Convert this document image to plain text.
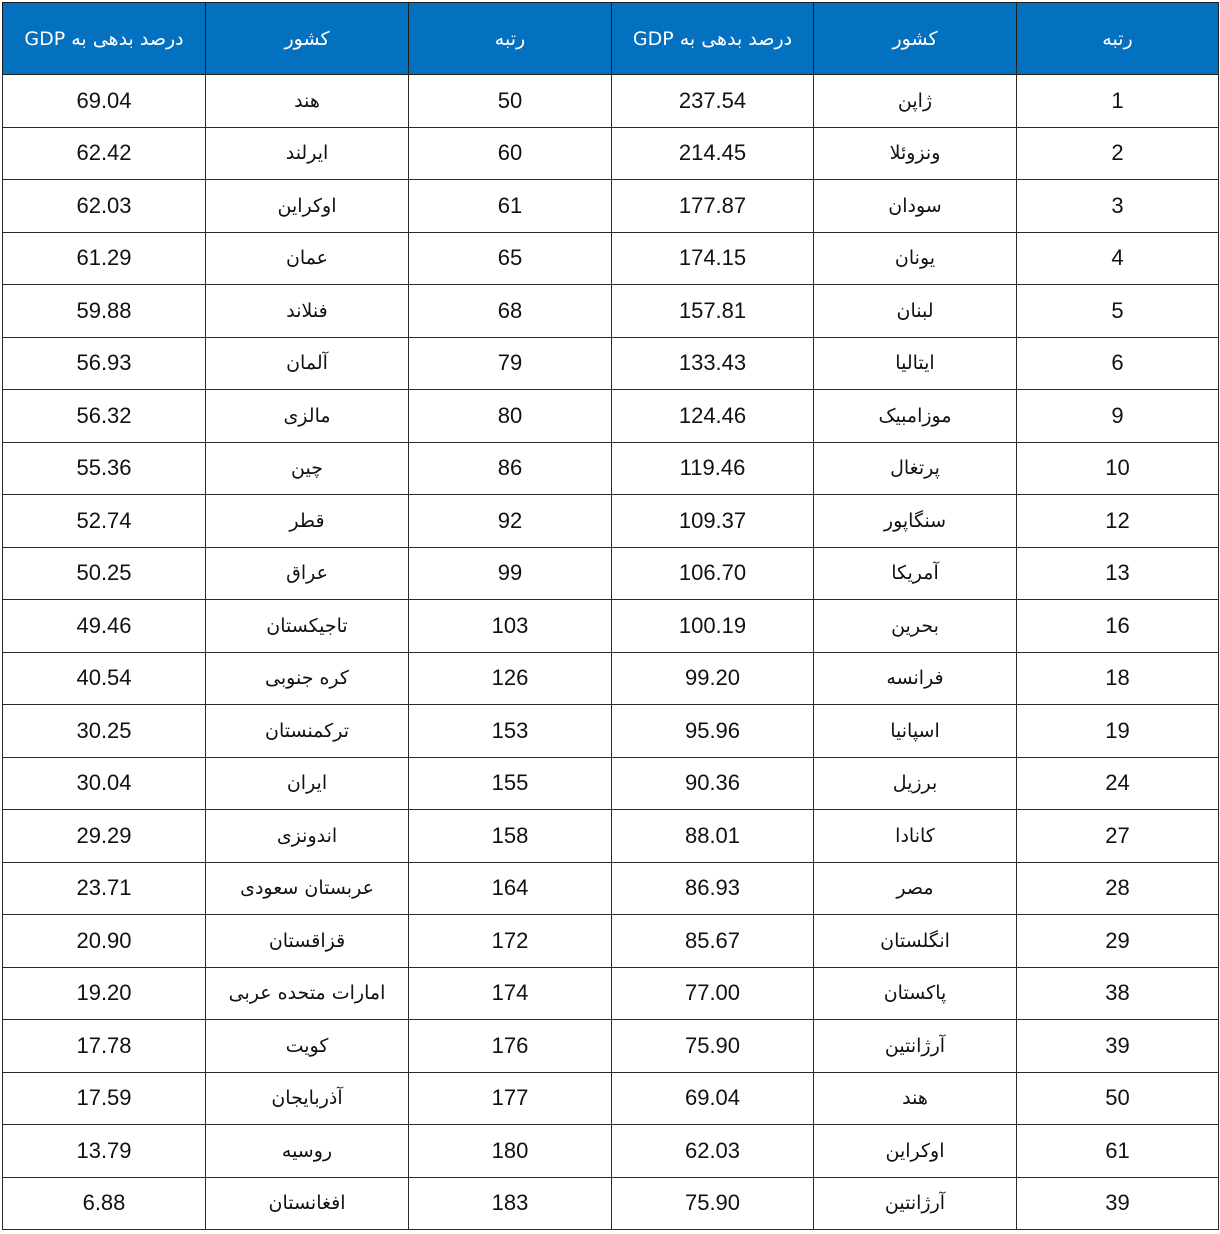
رتبه	کشور	درصد بدهی به GDP	رتبه	کشور	درصد بدهی به GDP
1	ژاپن	237.54	50	هند	69.04
2	ونزوئلا	214.45	60	ایرلند	62.42
3	سودان	177.87	61	اوکراین	62.03
4	یونان	174.15	65	عمان	61.29
5	لبنان	157.81	68	فنلاند	59.88
6	ایتالیا	133.43	79	آلمان	56.93
9	موزامبیک	124.46	80	مالزی	56.32
10	پرتغال	119.46	86	چین	55.36
12	سنگاپور	109.37	92	قطر	52.74
13	آمریکا	106.70	99	عراق	50.25
16	بحرین	100.19	103	تاجیکستان	49.46
18	فرانسه	99.20	126	کره جنوبی	40.54
19	اسپانیا	95.96	153	ترکمنستان	30.25
24	برزیل	90.36	155	ایران	30.04
27	کانادا	88.01	158	اندونزی	29.29
28	مصر	86.93	164	عربستان سعودی	23.71
29	انگلستان	85.67	172	قزاقستان	20.90
38	پاکستان	77.00	174	امارات متحده عربی	19.20
39	آرژانتین	75.90	176	کویت	17.78
50	هند	69.04	177	آذربایجان	17.59
61	اوکراین	62.03	180	روسیه	13.79
39	آرژانتین	75.90	183	افغانستان	6.88
